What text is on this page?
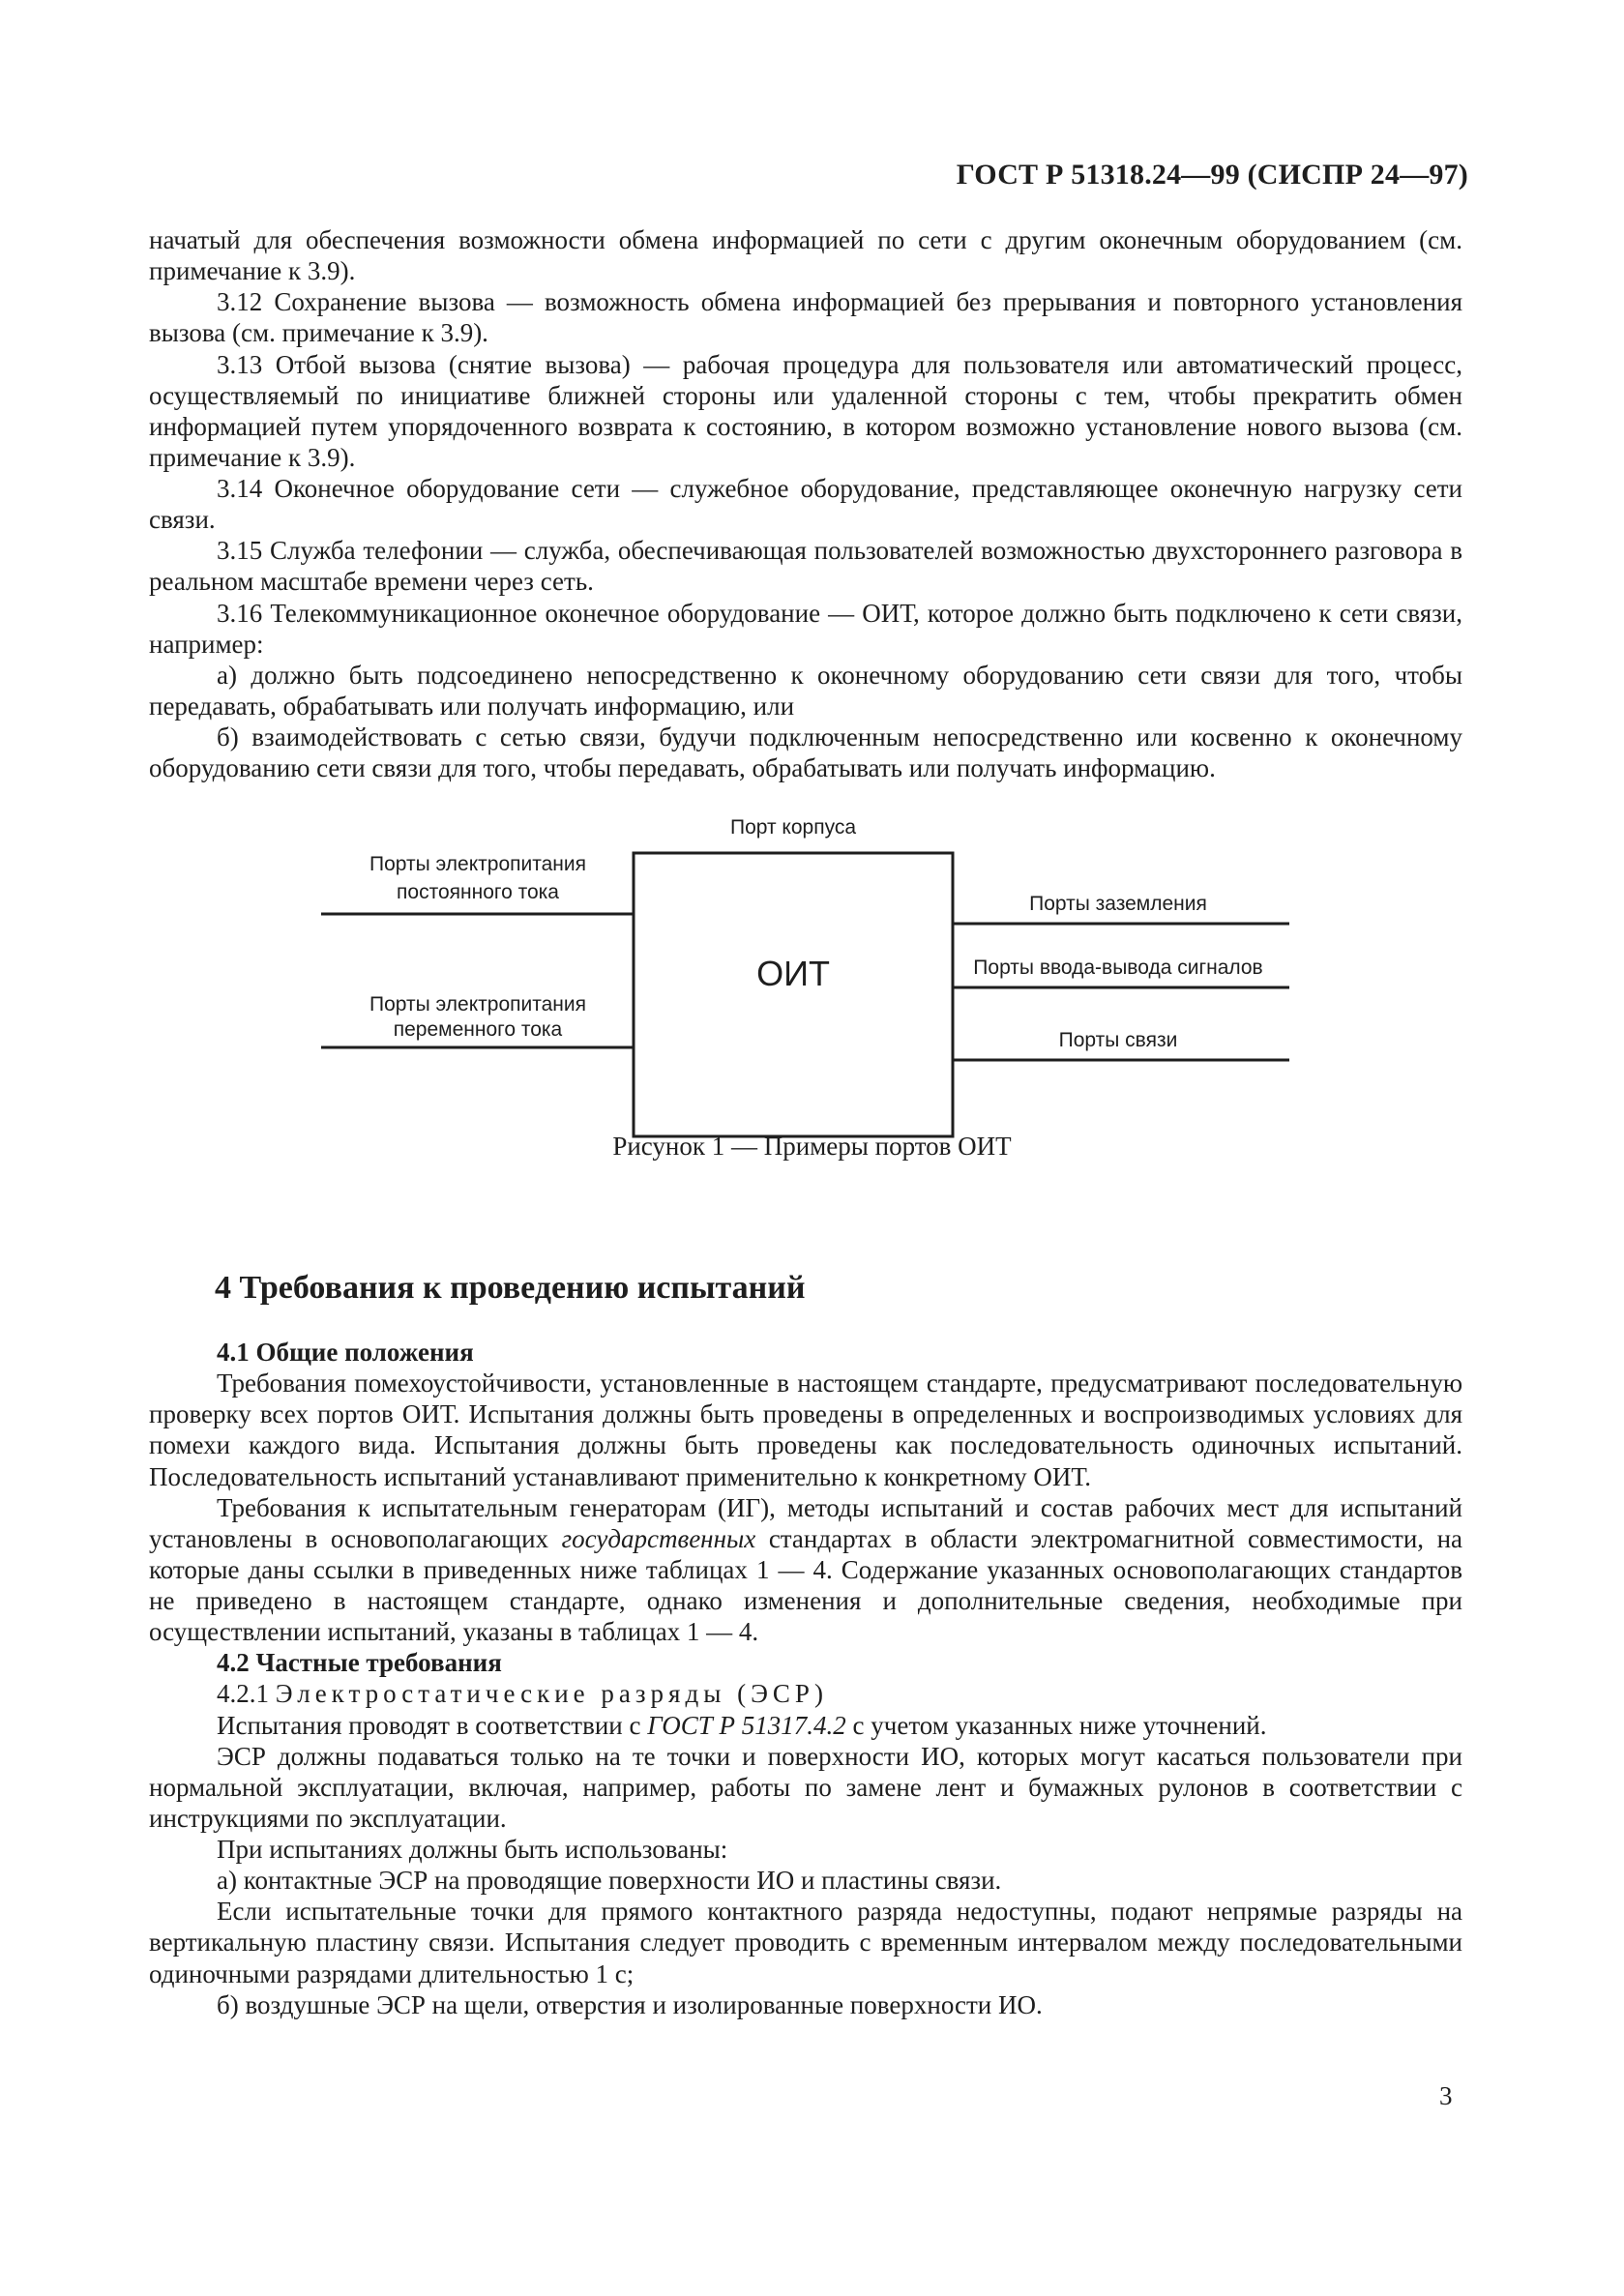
ГОСТ Р 51318.24—99 (СИСПР 24—97)

начатый для обеспечения возможности обмена информацией по сети с другим оконечным оборудованием (см. примечание к 3.9).

3.12 Сохранение вызова — возможность обмена информацией без прерывания и повторного установления вызова (см. примечание к 3.9).

3.13 Отбой вызова (снятие вызова) — рабочая процедура для пользователя или автоматический процесс, осуществляемый по инициативе ближней стороны или удаленной стороны с тем, чтобы прекратить обмен информацией путем упорядоченного возврата к состоянию, в котором возможно установление нового вызова (см. примечание к 3.9).

3.14 Оконечное оборудование сети — служебное оборудование, представляющее оконечную нагрузку сети связи.

3.15 Служба телефонии — служба, обеспечивающая пользователей возможностью двухстороннего разговора в реальном масштабе времени через сеть.

3.16 Телекоммуникационное оконечное оборудование — ОИТ, которое должно быть подключено к сети связи, например:

а) должно быть подсоединено непосредственно к оконечному оборудованию сети связи для того, чтобы передавать, обрабатывать или получать информацию, или

б) взаимодействовать с сетью связи, будучи подключенным непосредственно или косвенно к оконечному оборудованию сети связи для того, чтобы передавать, обрабатывать или получать информацию.

Порт корпуса
Порты электропитания
постоянного тока
Порты электропитания
переменного тока
ОИТ
Порты заземления
Порты ввода-вывода сигналов
Порты связи
Рисунок 1 — Примеры портов ОИТ
4 Требования к проведению испытаний

4.1 Общие положения

Требования помехоустойчивости, установленные в настоящем стандарте, предусматривают последовательную проверку всех портов ОИТ. Испытания должны быть проведены в определенных и воспроизводимых условиях для помехи каждого вида. Испытания должны быть проведены как последовательность одиночных испытаний. Последовательность испытаний устанавливают применительно к конкретному ОИТ.

Требования к испытательным генераторам (ИГ), методы испытаний и состав рабочих мест для испытаний установлены в основополагающих государственных стандартах в области электромагнитной совместимости, на которые даны ссылки в приведенных ниже таблицах 1 — 4. Содержание указанных основополагающих стандартов не приведено в настоящем стандарте, однако изменения и дополнительные сведения, необходимые при осуществлении испытаний, указаны в таблицах 1 — 4.

4.2 Частные требования

4.2.1 Электростатические разряды (ЭСР)

Испытания проводят в соответствии с ГОСТ Р 51317.4.2 с учетом указанных ниже уточнений.

ЭСР должны подаваться только на те точки и поверхности ИО, которых могут касаться пользователи при нормальной эксплуатации, включая, например, работы по замене лент и бумажных рулонов в соответствии с инструкциями по эксплуатации.

При испытаниях должны быть использованы:

а) контактные ЭСР на проводящие поверхности ИО и пластины связи.

Если испытательные точки для прямого контактного разряда недоступны, подают непрямые разряды на вертикальную пластину связи. Испытания следует проводить с временным интервалом между последовательными одиночными разрядами длительностью 1 с;

б) воздушные ЭСР на щели, отверстия и изолированные поверхности ИО.

3
